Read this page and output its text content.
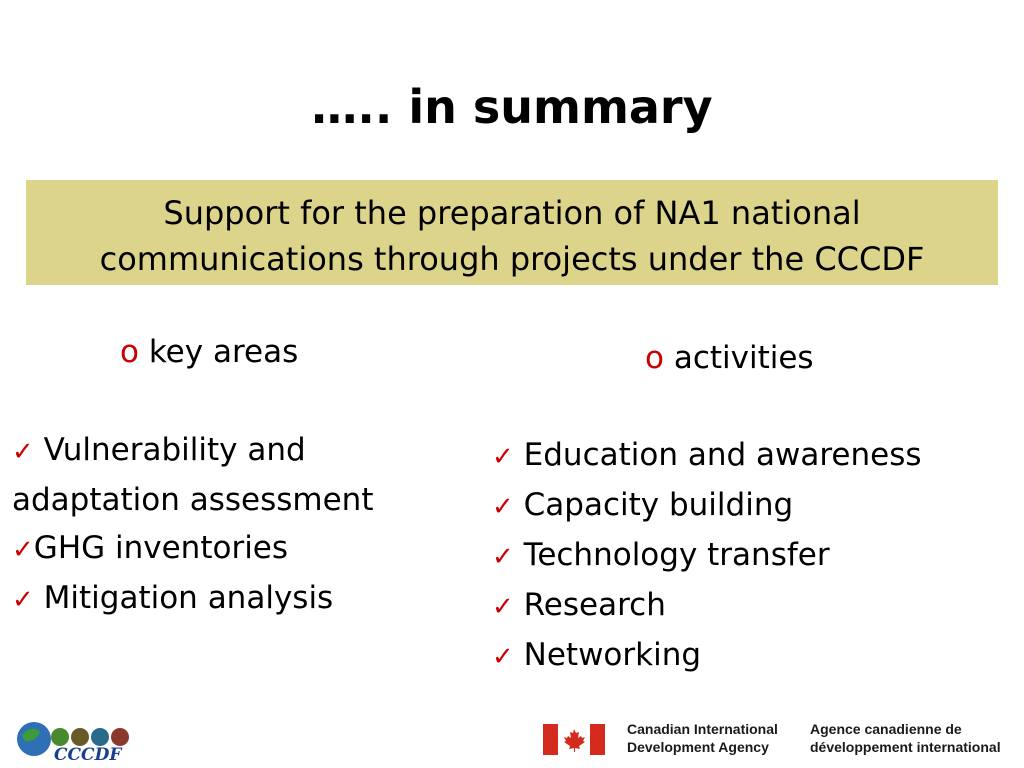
….. in summary
Support for the preparation of NA1 national
communications through projects under the CCCDF
o key areas
✓ Vulnerability and
adaptation assessment
✓GHG inventories
✓ Mitigation analysis
o activities
✓ Education and awareness
✓ Capacity building
✓ Technology transfer
✓ Research
✓ Networking
CCCDF
Canadian International
Development Agency
Agence canadienne de
développement international
